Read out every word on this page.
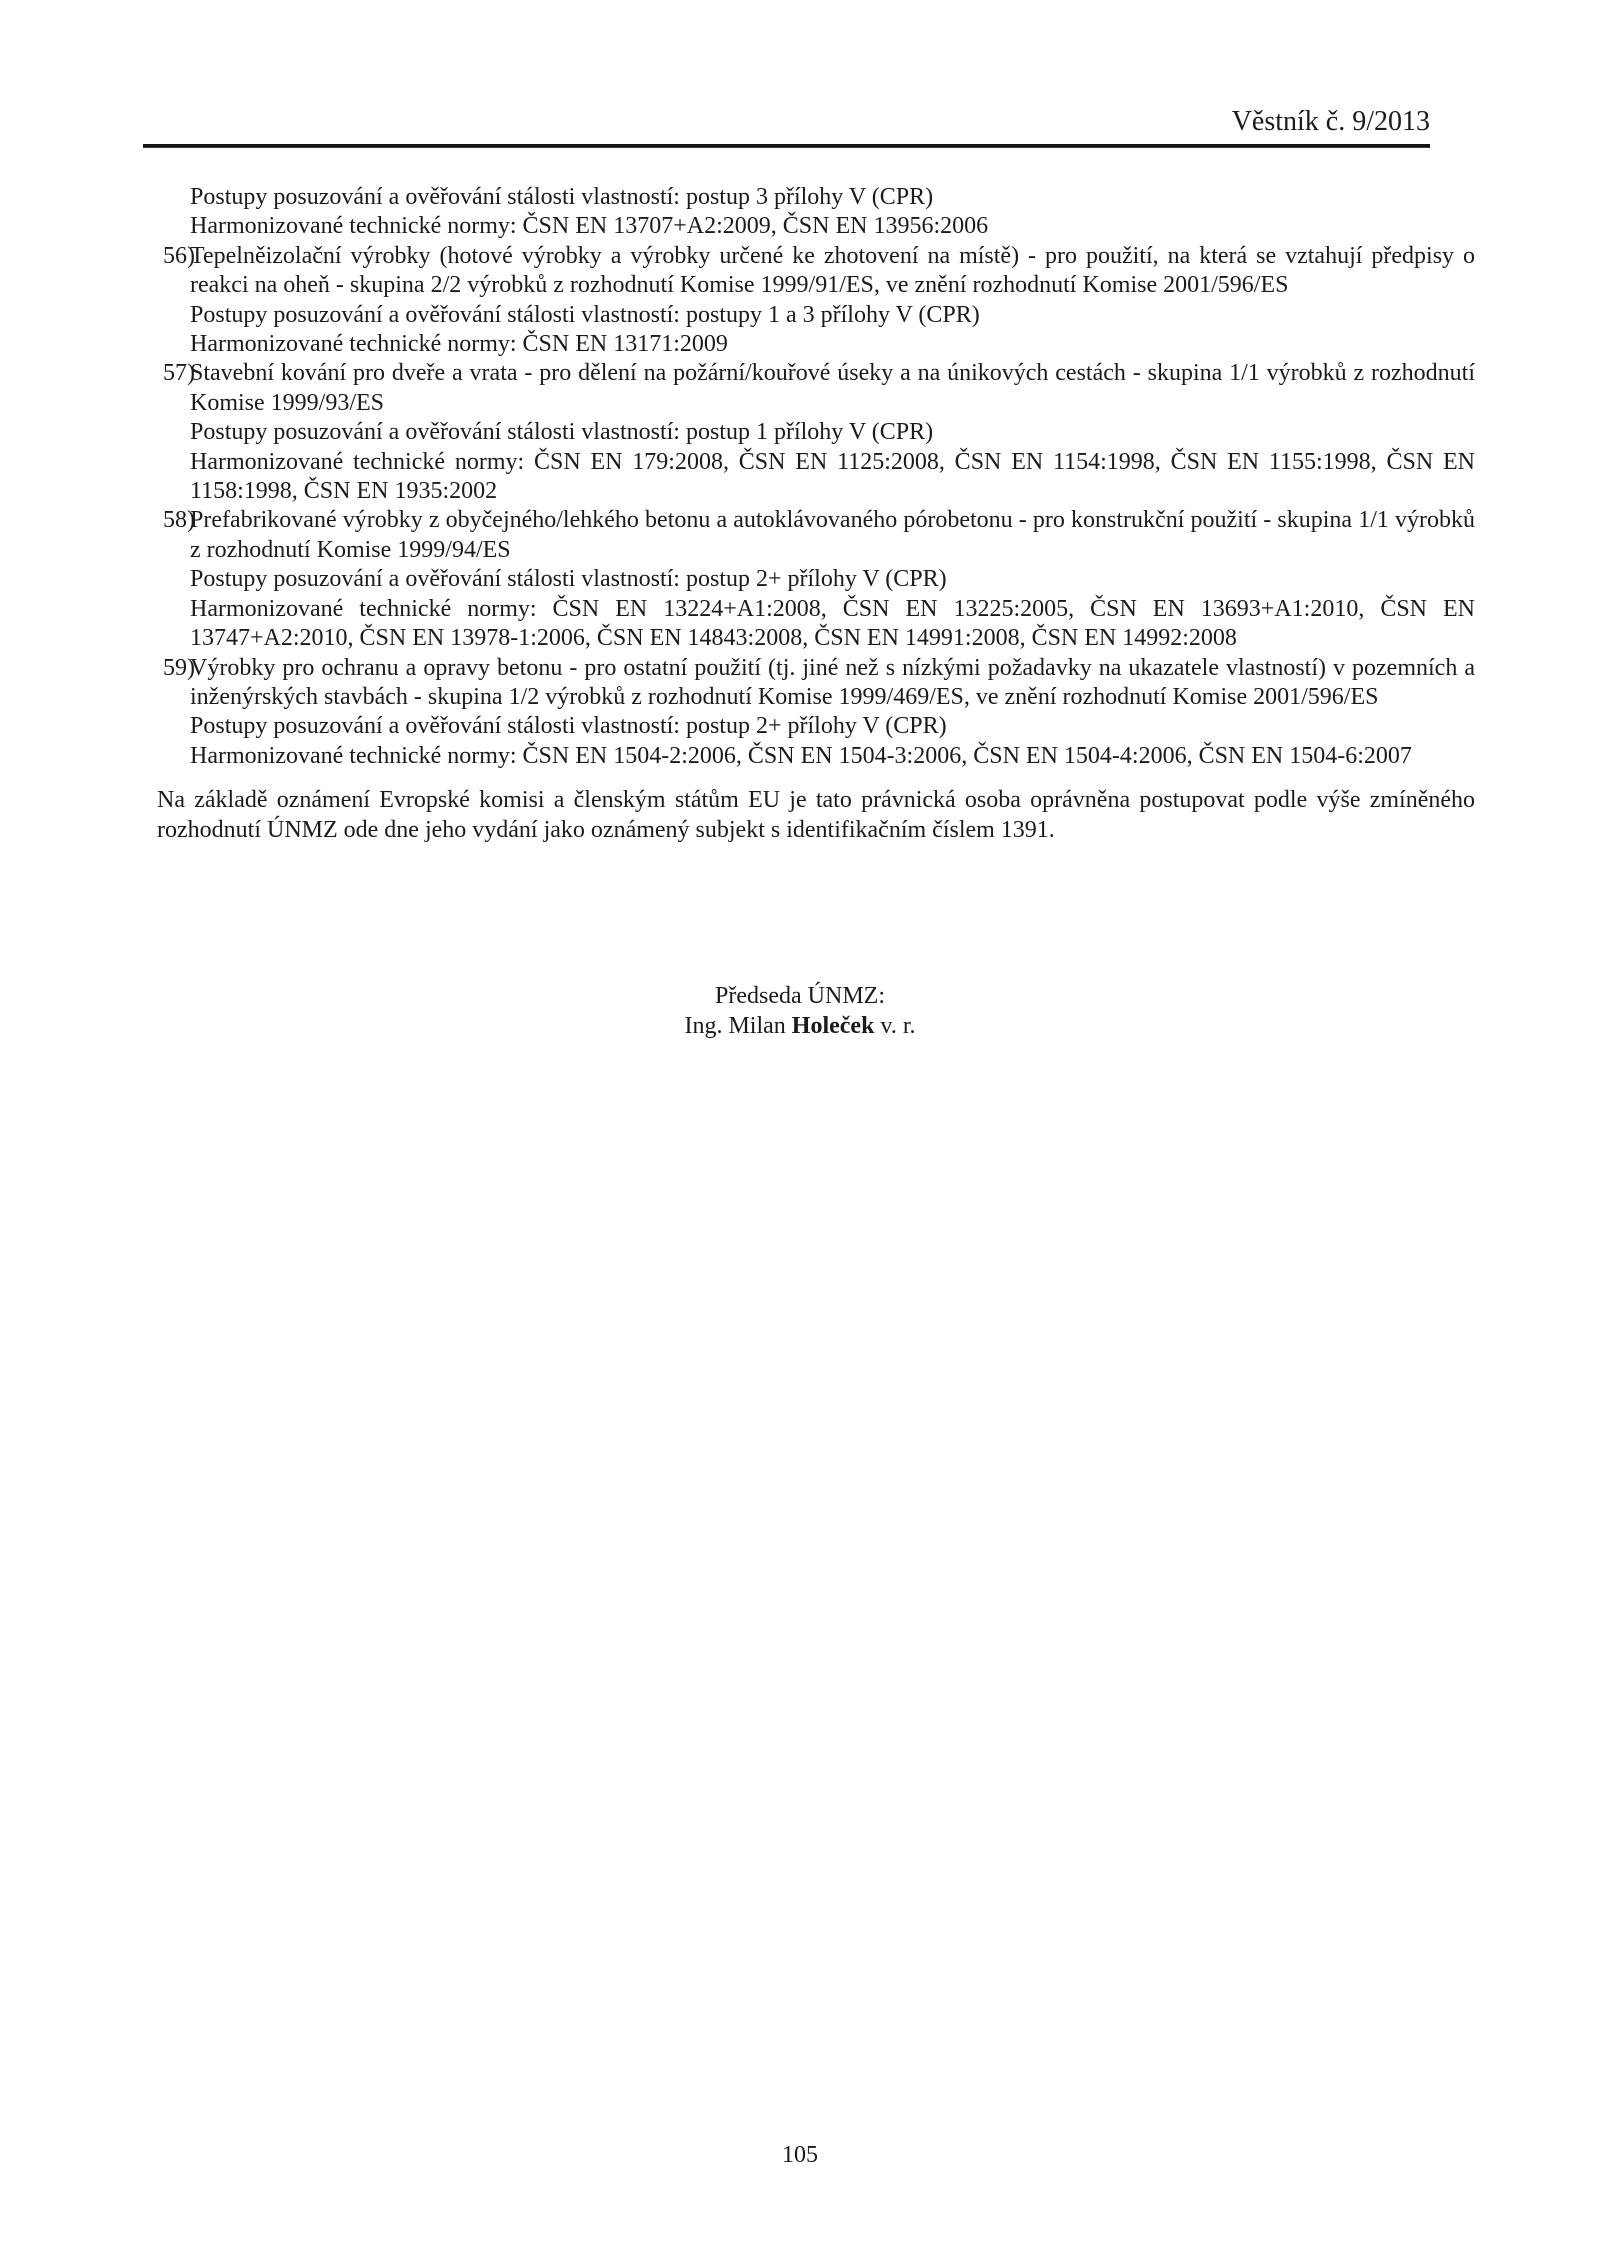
Věstník č. 9/2013
Postupy posuzování a ověřování stálosti vlastností: postup 3 přílohy V (CPR)
Harmonizované technické normy: ČSN EN 13707+A2:2009, ČSN EN 13956:2006
56)
Tepelněizolační výrobky (hotové výrobky a výrobky určené ke zhotovení na místě) - pro použití, na která se vztahují předpisy o reakci na oheň - skupina 2/2 výrobků z rozhodnutí Komise 1999/91/ES, ve znění rozhodnutí Komise 2001/596/ES
Postupy posuzování a ověřování stálosti vlastností: postupy 1 a 3 přílohy V (CPR)
Harmonizované technické normy: ČSN EN 13171:2009
57)
Stavební kování pro dveře a vrata - pro dělení na požární/kouřové úseky a na únikových cestách - skupina 1/1 výrobků z rozhodnutí Komise 1999/93/ES
Postupy posuzování a ověřování stálosti vlastností: postup 1 přílohy V (CPR)
Harmonizované technické normy: ČSN EN 179:2008, ČSN EN 1125:2008, ČSN EN 1154:1998, ČSN EN 1155:1998, ČSN EN 1158:1998, ČSN EN 1935:2002
58)
Prefabrikované výrobky z obyčejného/lehkého betonu a autoklávovaného pórobetonu - pro konstrukční použití - skupina 1/1 výrobků z rozhodnutí Komise 1999/94/ES
Postupy posuzování a ověřování stálosti vlastností: postup 2+ přílohy V (CPR)
Harmonizované technické normy: ČSN EN 13224+A1:2008, ČSN EN 13225:2005, ČSN EN 13693+A1:2010, ČSN EN 13747+A2:2010, ČSN EN 13978-1:2006, ČSN EN 14843:2008, ČSN EN 14991:2008, ČSN EN 14992:2008
59)
Výrobky pro ochranu a opravy betonu - pro ostatní použití (tj. jiné než s nízkými požadavky na ukazatele vlastností) v pozemních a inženýrských stavbách - skupina 1/2 výrobků z rozhodnutí Komise 1999/469/ES, ve znění rozhodnutí Komise 2001/596/ES
Postupy posuzování a ověřování stálosti vlastností: postup 2+ přílohy V (CPR)
Harmonizované technické normy: ČSN EN 1504-2:2006, ČSN EN 1504-3:2006, ČSN EN 1504-4:2006, ČSN EN 1504-6:2007
Na základě oznámení Evropské komisi a členským státům EU je tato právnická osoba oprávněna postupovat podle výše zmíněného rozhodnutí ÚNMZ ode dne jeho vydání jako oznámený subjekt s identifikačním číslem 1391.
Předseda ÚNMZ:
Ing. Milan Holeček v. r.
105
